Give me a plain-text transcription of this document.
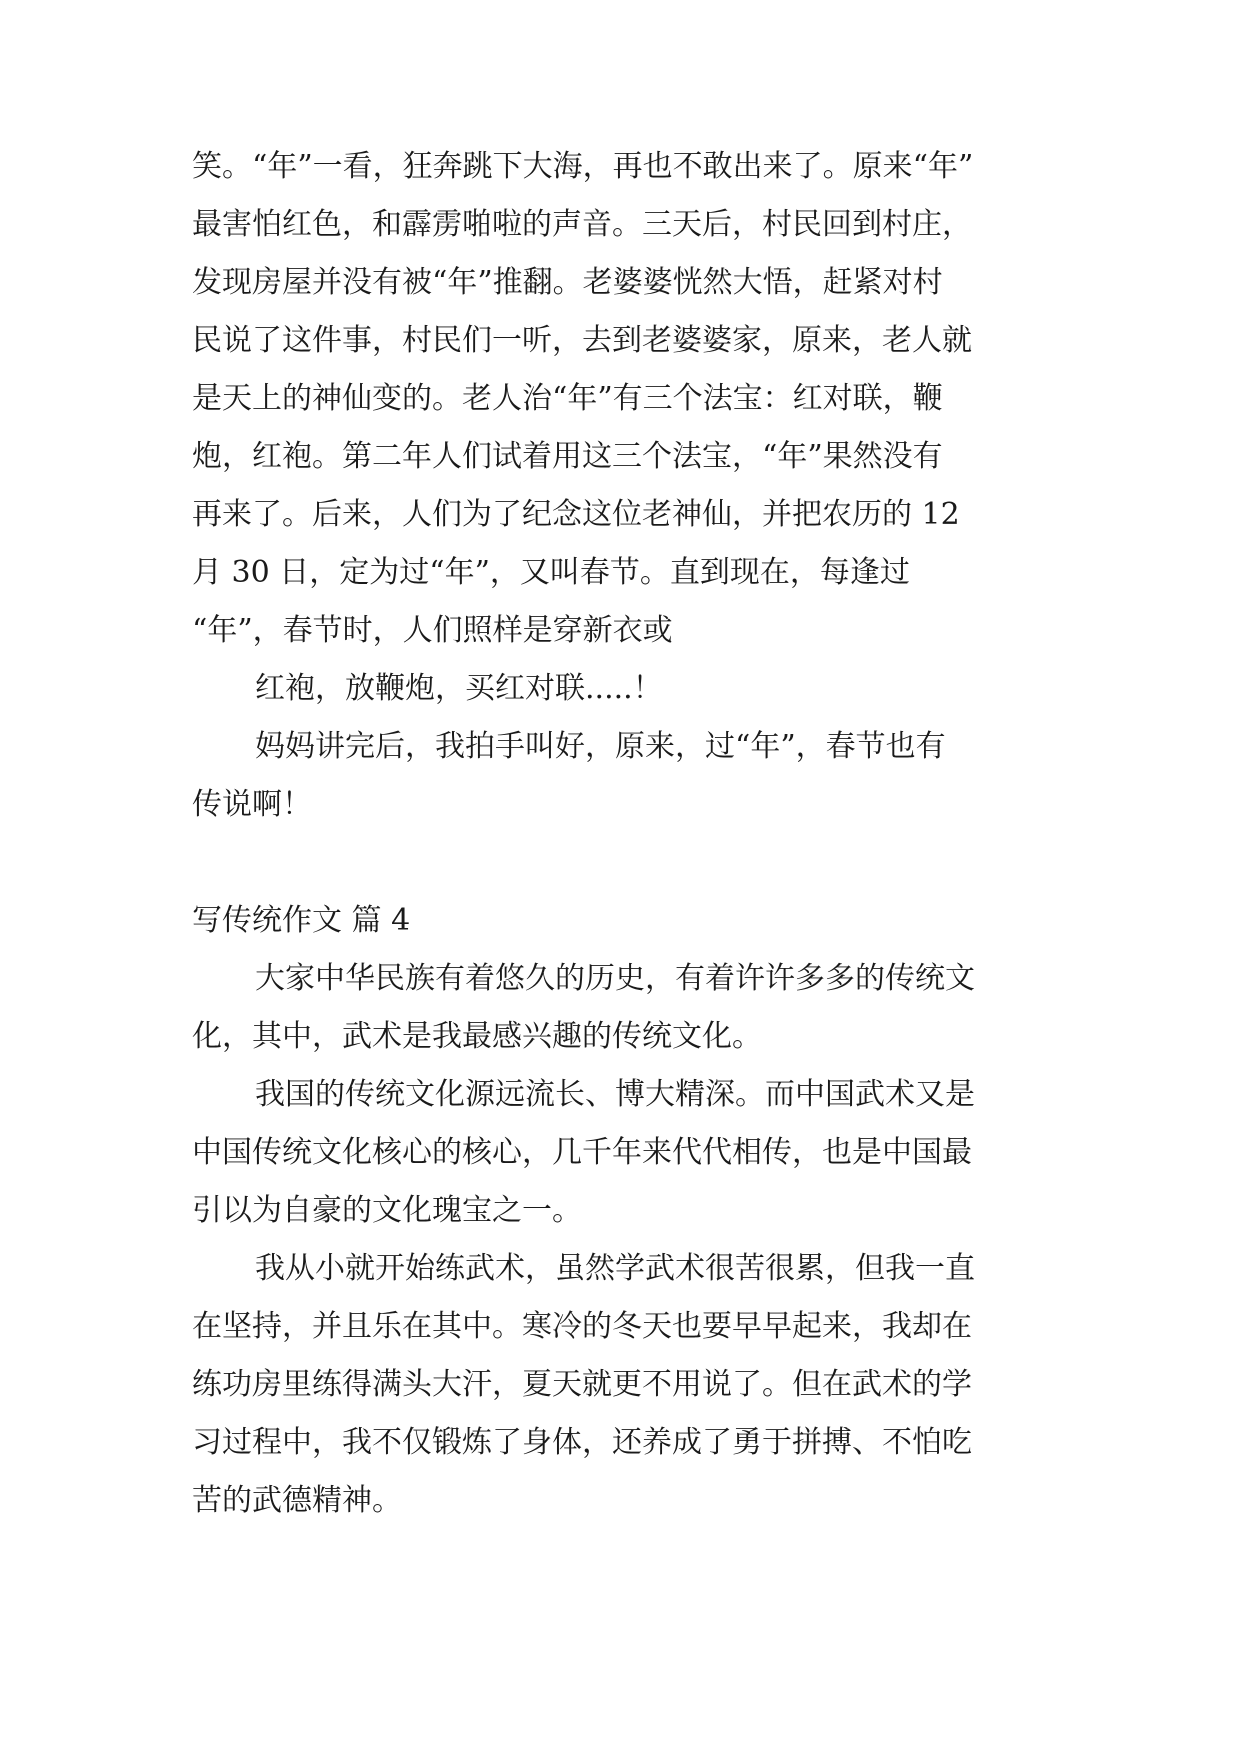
笑。“年”一看，狂奔跳下大海，再也不敢出来了。原来“年”
最害怕红色，和霹雳啪啦的声音。三天后，村民回到村庄，
发现房屋并没有被“年”推翻。老婆婆恍然大悟，赶紧对村
民说了这件事，村民们一听，去到老婆婆家，原来，老人就
是天上的神仙变的。老人治“年”有三个法宝：红对联，鞭
炮，红袍。第二年人们试着用这三个法宝，“年”果然没有
再来了。后来，人们为了纪念这位老神仙，并把农历的 12
月 30 日，定为过“年”，又叫春节。直到现在，每逢过
“年”，春节时，人们照样是穿新衣或
红袍，放鞭炮，买红对联.....！
妈妈讲完后，我拍手叫好，原来，过“年”，春节也有
传说啊！
写传统作文 篇 4
大家中华民族有着悠久的历史，有着许许多多的传统文
化，其中，武术是我最感兴趣的传统文化。
我国的传统文化源远流长、博大精深。而中国武术又是
中国传统文化核心的核心，几千年来代代相传，也是中国最
引以为自豪的文化瑰宝之一。
我从小就开始练武术，虽然学武术很苦很累，但我一直
在坚持，并且乐在其中。寒冷的冬天也要早早起来，我却在
练功房里练得满头大汗，夏天就更不用说了。但在武术的学
习过程中，我不仅锻炼了身体，还养成了勇于拼搏、不怕吃
苦的武德精神。
